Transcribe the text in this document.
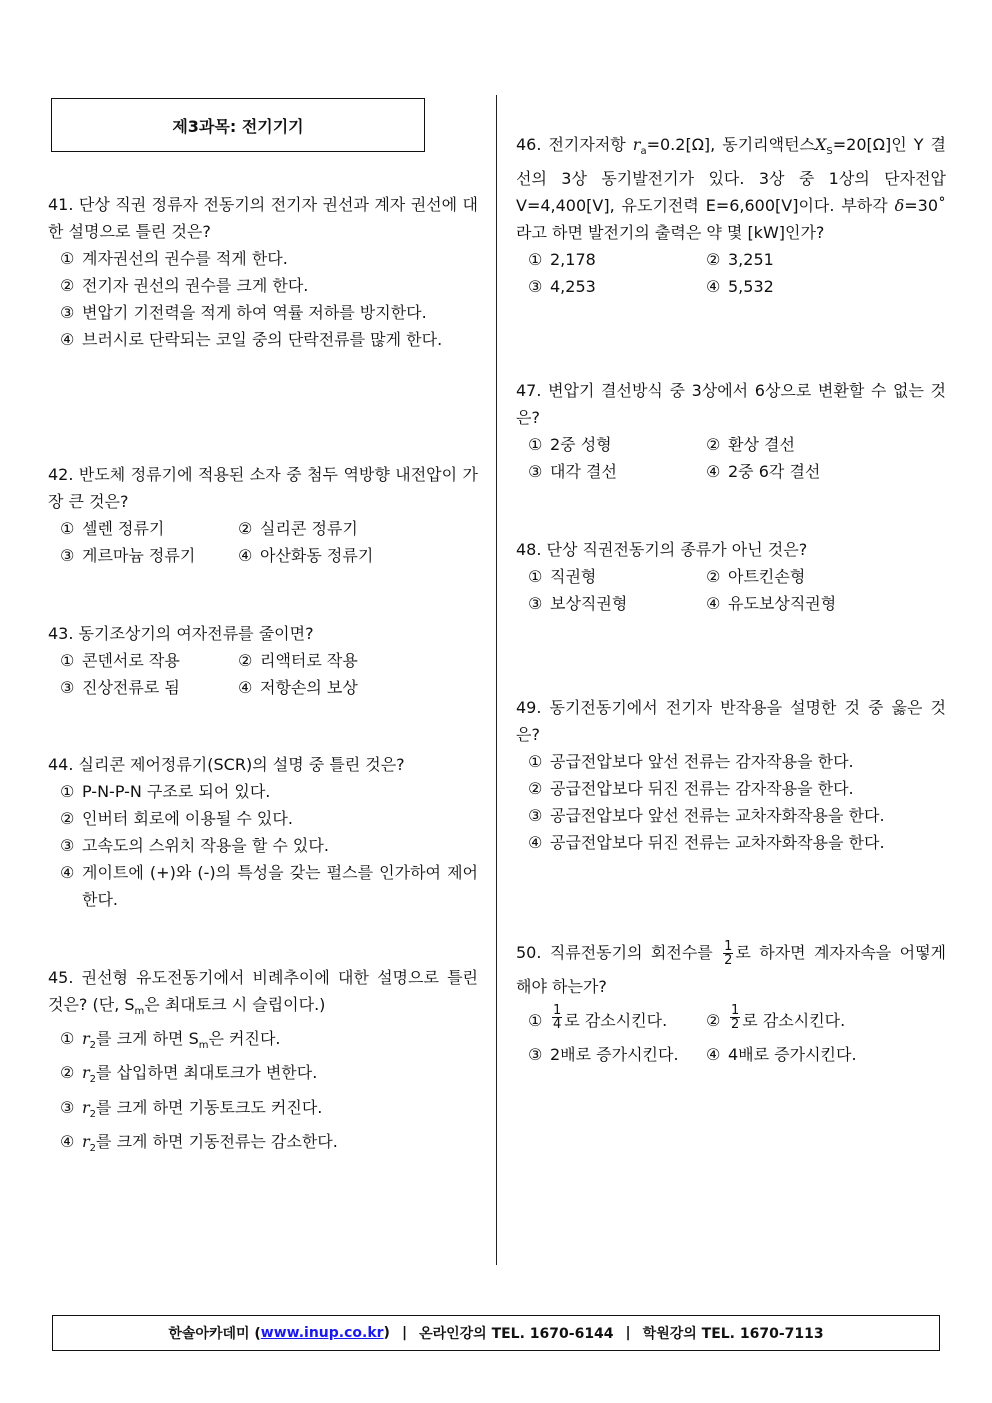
제3과목: 전기기기
41. 단상 직권 정류자 전동기의 전기자 권선과 계자 권선에 대한 설명으로 틀린 것은?
① 계자권선의 권수를 적게 한다.
② 전기자 권선의 권수를 크게 한다.
③ 변압기 기전력을 적게 하여 역률 저하를 방지한다.
④ 브러시로 단락되는 코일 중의 단락전류를 많게 한다.
42. 반도체 정류기에 적용된 소자 중 첨두 역방향 내전압이 가장 큰 것은?
① 셀렌 정류기	② 실리콘 정류기
③ 게르마늄 정류기	④ 아산화동 정류기
43. 동기조상기의 여자전류를 줄이면?
① 콘덴서로 작용	② 리액터로 작용
③ 진상전류로 됨	④ 저항손의 보상
44. 실리콘 제어정류기(SCR)의 설명 중 틀린 것은?
① P-N-P-N 구조로 되어 있다.
② 인버터 회로에 이용될 수 있다.
③ 고속도의 스위치 작용을 할 수 있다.
④ 게이트에 (+)와 (-)의 특성을 갖는 펄스를 인가하여 제어한다.
45. 권선형 유도전동기에서 비례추이에 대한 설명으로 틀린 것은? (단, $S_m$은 최대토크 시 슬립이다.)
① $r_2$를 크게 하면 $S_m$은 커진다.
② $r_2$를 삽입하면 최대토크가 변한다.
③ $r_2$를 크게 하면 기동토크도 커진다.
④ $r_2$를 크게 하면 기동전류는 감소한다.
46. 전기자저항 $r_a=0.2[\Omega]$, 동기리액턴스$X_S=20[\Omega]$인 Y 결선의 3상 동기발전기가 있다. 3상 중 1상의 단자전압 V=4,400[V], 유도기전력 E=6,600[V]이다. 부하각 δ=30˚라고 하면 발전기의 출력은 약 몇 [kW]인가?
① 2,178	② 3,251
③ 4,253	④ 5,532
47. 변압기 결선방식 중 3상에서 6상으로 변환할 수 없는 것은?
① 2중 성형	② 환상 결선
③ 대각 결선	④ 2중 6각 결선
48. 단상 직권전동기의 종류가 아닌 것은?
① 직권형	② 아트킨손형
③ 보상직권형	④ 유도보상직권형
49. 동기전동기에서 전기자 반작용을 설명한 것 중 옳은 것은?
① 공급전압보다 앞선 전류는 감자작용을 한다.
② 공급전압보다 뒤진 전류는 감자작용을 한다.
③ 공급전압보다 앞선 전류는 교차자화작용을 한다.
④ 공급전압보다 뒤진 전류는 교차자화작용을 한다.
50. 직류전동기의 회전수를 $\frac{1}{2}$ 로 하자면 계자자속을 어떻게 해야 하는가?
① $\frac{1}{4}$ 로 감소시킨다. ② $\frac{1}{2}$ 로 감소시킨다.
③ 2배로 증가시킨다. ④ 4배로 증가시킨다.
한솔아카데미 ( www.inup.co.kr ) | 온라인강의 TEL. 1670-6144 | 학원강의 TEL. 1670-7113
